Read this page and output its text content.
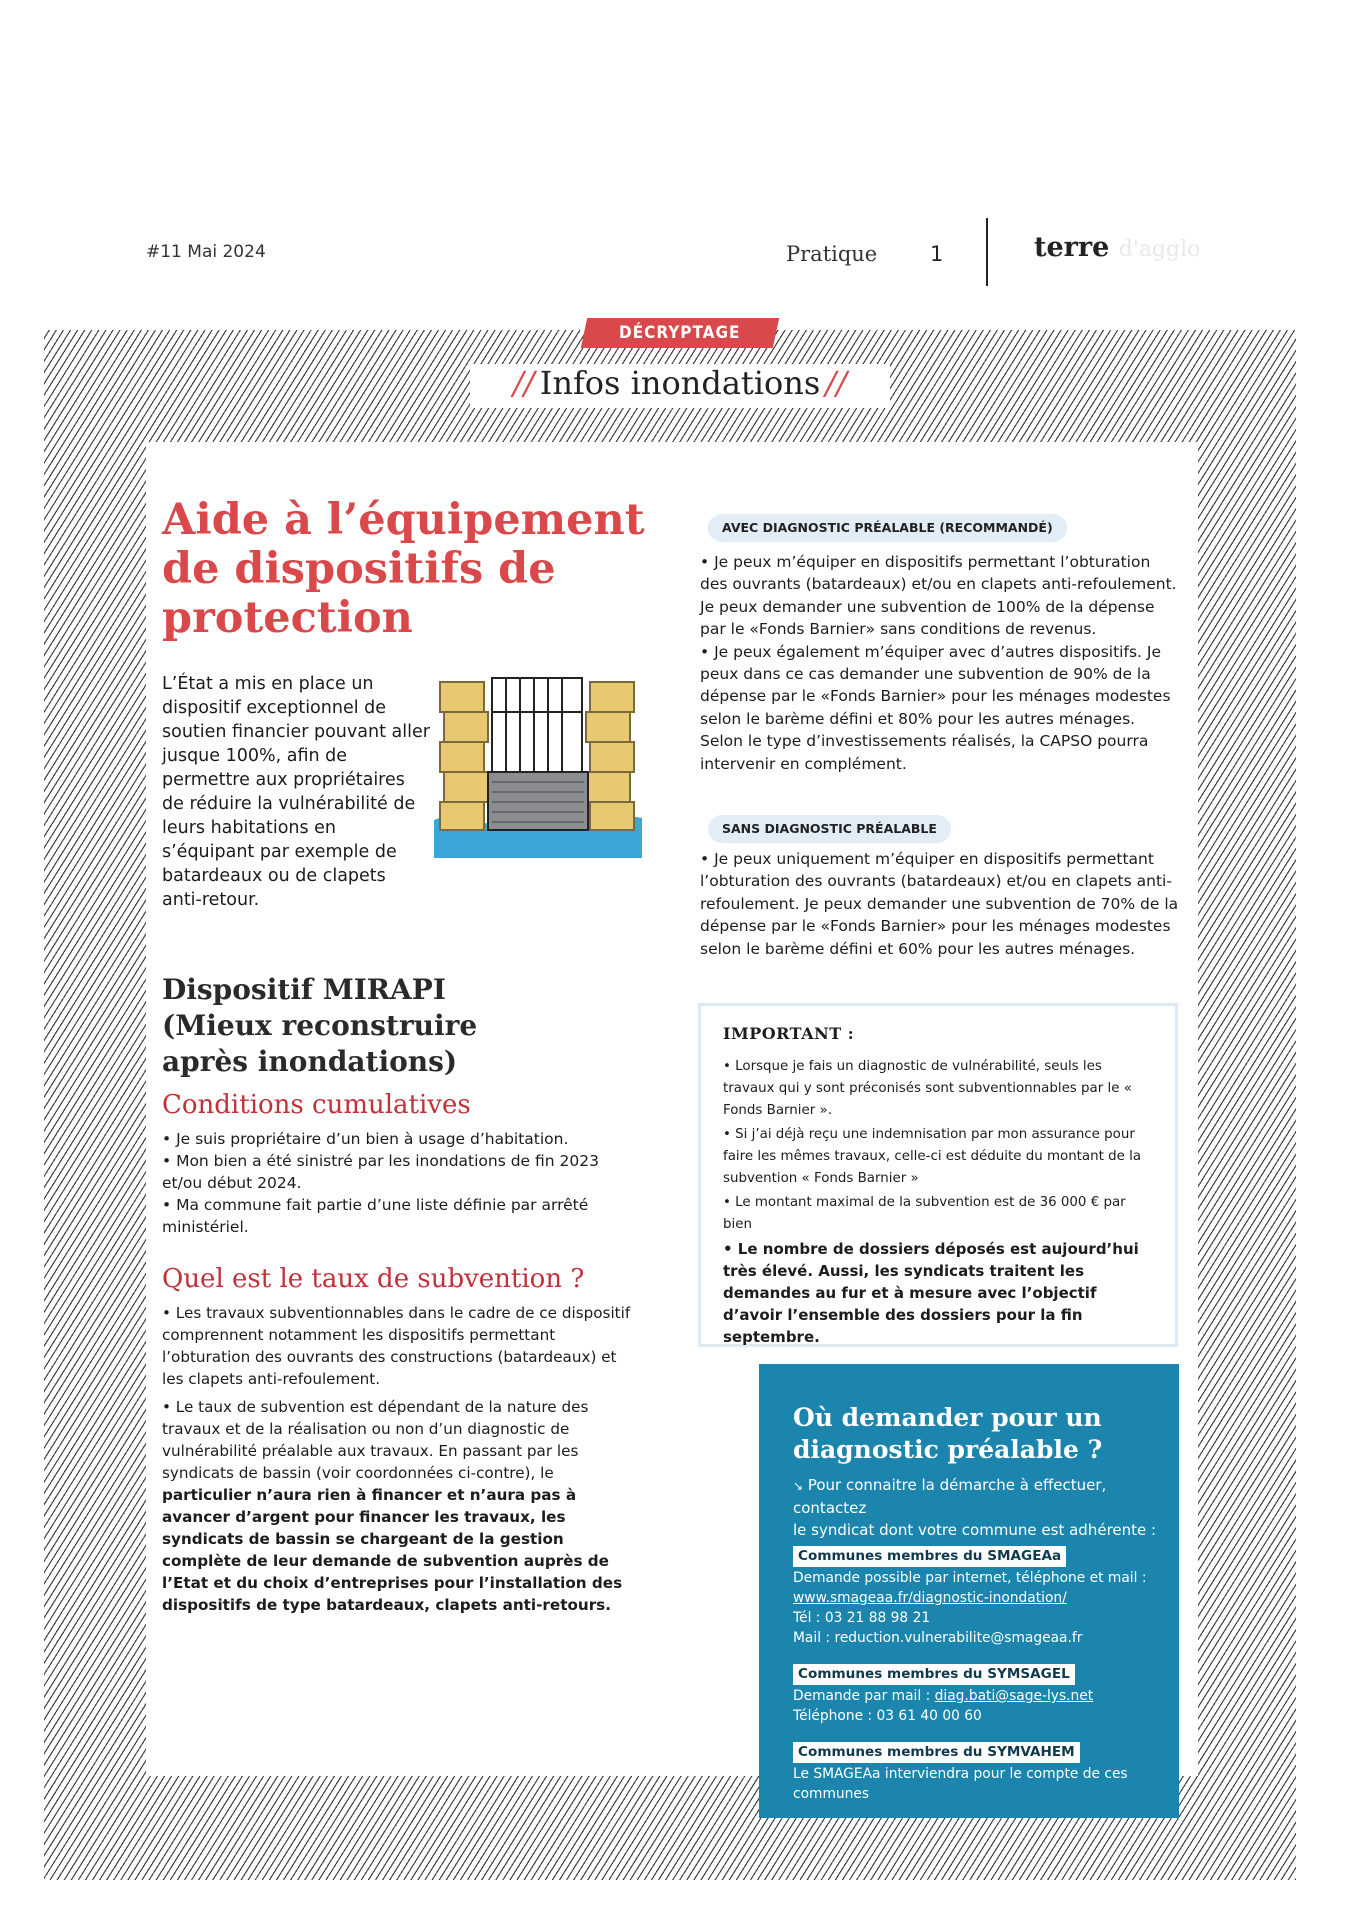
#11 Mai 2024	Pratique	1	terre d'agglo
DÉCRYPTAGE
// Infos inondations //
Aide à l’équipement de dispositifs de protection
L’État a mis en place un dispositif exceptionnel de soutien financier pouvant aller jusque 100%, afin de permettre aux propriétaires de réduire la vulnérabilité de leurs habitations en s’équipant par exemple de batardeaux ou de clapets anti-retour.
Dispositif MIRAPI (Mieux reconstruire après inondations)
Conditions cumulatives
• Je suis propriétaire d’un bien à usage d’habitation.
• Mon bien a été sinistré par les inondations de fin 2023 et/ou début 2024.
• Ma commune fait partie d’une liste définie par arrêté ministériel.
Quel est le taux de subvention ?
• Les travaux subventionnables dans le cadre de ce dispositif comprennent notamment les dispositifs permettant l’obturation des ouvrants des constructions (batardeaux) et les clapets anti-refoulement.
• Le taux de subvention est dépendant de la nature des travaux et de la réalisation ou non d’un diagnostic de vulnérabilité préalable aux travaux. En passant par les syndicats de bassin (voir coordonnées ci-contre), le particulier n’aura rien à financer et n’aura pas à avancer d’argent pour financer les travaux, les syndicats de bassin se chargeant de la gestion complète de leur demande de subvention auprès de l’Etat et du choix d’entreprises pour l’installation des dispositifs de type batardeaux, clapets anti-retours.
AVEC DIAGNOSTIC PRÉALABLE (RECOMMANDÉ)
• Je peux m’équiper en dispositifs permettant l’obturation des ouvrants (batardeaux) et/ou en clapets anti-refoulement. Je peux demander une subvention de 100% de la dépense par le «Fonds Barnier» sans conditions de revenus.
• Je peux également m’équiper avec d’autres dispositifs. Je peux dans ce cas demander une subvention de 90% de la dépense par le «Fonds Barnier» pour les ménages modestes selon le barème défini et 80% pour les autres ménages. Selon le type d’investissements réalisés, la CAPSO pourra intervenir en complément.
SANS DIAGNOSTIC PRÉALABLE
• Je peux uniquement m’équiper en dispositifs permettant l’obturation des ouvrants (batardeaux) et/ou en clapets anti-refoulement. Je peux demander une subvention de 70% de la dépense par le «Fonds Barnier» pour les ménages modestes selon le barème défini et 60% pour les autres ménages.
IMPORTANT :
• Lorsque je fais un diagnostic de vulnérabilité, seuls les travaux qui y sont préconisés sont subventionnables par le « Fonds Barnier ».
• Si j’ai déjà reçu une indemnisation par mon assurance pour faire les mêmes travaux, celle-ci est déduite du montant de la subvention « Fonds Barnier »
• Le montant maximal de la subvention est de 36 000 € par bien
• Le nombre de dossiers déposés est aujourd’hui très élevé. Aussi, les syndicats traitent les demandes au fur et à mesure avec l’objectif d’avoir l’ensemble des dossiers pour la fin septembre.
Où demander pour un diagnostic préalable ?
↘ Pour connaitre la démarche à effectuer, contactez
le syndicat dont votre commune est adhérente :
Communes membres du SMAGEAa
Demande possible par internet, téléphone et mail :
www.smageaa.fr/diagnostic-inondation/
Tél : 03 21 88 98 21
Mail : reduction.vulnerabilite@smageaa.fr
Communes membres du SYMSAGEL
Demande par mail : diag.bati@sage-lys.net
Téléphone : 03 61 40 00 60
Communes membres du SYMVAHEM
Le SMAGEAa interviendra pour le compte de ces
communes
